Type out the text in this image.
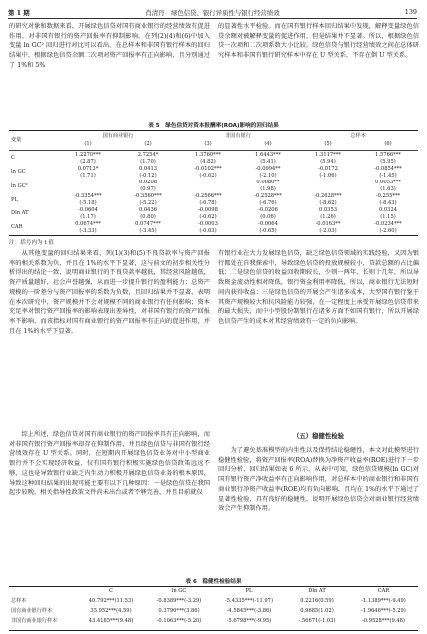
第 1 期	肖清丹　绿色信贷、银行异质性与银行经营绩效	139

的研究对象和数据来看，开展绿色信贷对国有商业银行的经营绩效有促进作用，对非国有银行的资产回报率有抑制影响。在列(2)(4)和(6)中加入变量 ln GC² 回归进行对比可以看出，在总样本和非国有银行样本的回归结果中，根据绿色信贷余额二次项对资产回报率有正向影响，且分别通过了 1%和 5%

的显著性水平检验。而在国有银行样本回归结果中发现，解释变量绿色信贷余额对被解释变量的促进作用，但是结果并不显著。所以，根据绿色信贷一次项和二次项系数大小比较，绿色信贷与银行经营绩效之间在总体研究样本和非国有银行研究样本中存在 U 型关系，不存在倒 U 型关系。

表 5　绿色信贷对资本报酬率(ROA)影响的回归结果
变量	国有商业银行		非国有银行		总样本	
	(1)	(2)	(3)	(4)	(5)	(6)
C	1.2270***	2.7254*	1.3760***	1.6443***	1.3117***	1.5766***
	(2.87)	(1.70)	(4.82)	(5.41)	(5.94)	(5.95)
ln GC	0.0713*	0.0413	-0.0102***	-0.0994**	-0.0172	-0.0854***
	(1.71)	(-0.12)	(-0.62)	(-2.10)	(-1.06)	(-1.45)
ln GC²		0.0208		0.0080**		0.0053***
		(0.97)		(1.98)		(1.63)
PL	-0.3354***	-0.3560***	-0.2566***	-0.2528***	-0.2628***	-0.255***
	(-5.18)	(-5.22)	(-6.78)	(-6.76)	(-8.62)	(-8.43)
Dln AT	-0.0604	0.0436	-0.0098	-0.0206	0.0353	0.0324
	(1.17)	(0.80)	(-0.62)	(0.06)	(1.26)	(1.15)
CAR	0.0674***	0.0747***	-0.0003	-0.0064	-0.0163**	-0.0234***
	(-3.33)	(-3.45)	(-0.03)	(-0.65)	(-2.03)	(-2.60)
注：括号内为 t 值

从其他变量的回归结果来看，列(1)(3)和(5)不良贷款率与资产回报率的相关系数为负，并且在 1%的水平下显著，这与前文的初步相关性分析得出的结论一致，说明商业银行的不良贷款率越低，其经营风险越低，资产质量越好，社会声誉越强，从而进一步提升银行的盈利能力；总资产规模的一阶差分与资产回报率的系数为负数，且回归结果并不显著，表明在本次研究中，资产规模并不会对规模不同的商业银行有任何影响；资本充足率对银行资产回报率的影响表现出差异性，对非国有银行的资产回报率不影响，而该指标对国有商业银行的资产回报率有正向的促进作用，并且在 1%的水平下显著。

综上所述，绿色信贷对国有商业银行的资产回报率具有正向影响，而对非国有银行资产回报率却存在抑制作用，并且绿色信贷与非国有银行经营绩效存在 U 型关系。同时，在短期内开展绿色信贷业务对中小型商业银行并不会实现经济收益，仅有国有银行积极实施绿色信贷政策远远不够，这也是导致银行业缺乏内生动力积极开展绿色信贷业务的根本原因，导致这种回归结果的出现可能主要有以下几种原因：一是绿色信贷在我国起步较晚，相关指导性政策文件尚未出台或者不够完善，并且目前就仅

有银行业在大力发展绿色信贷，缺乏绿色信贷领域的实践经验，又因为银行都处在自我探索中，导致绿色信贷的投放规模较小，贷款总额的占比偏低；二是绿色信贷的收益回收期较长，少则一两年，长则十几年，所以导致资金流动性相对降低，银行资金利用率降低，所以，商业银行无法短时间内获得收益；三是绿色信贷的开展会产生诸多成本，大型国有银行鉴于其资产规模较大和抗风险能力较强，在一定程度上承受开展绿色信贷带来的最大损失，而中小型股份制银行在诸多方面不如国有银行，所以开展绿色信贷产生的成本对其经营绩效有一定的负向影响。

（五）稳健性检验

为了避免基准模型的内生性以及保持结论稳健性，本文对此模型进行稳健性检验，将资产回报率(ROA)替换为净资产收益率(ROE)进行下一步回归分析，回归结果如表 6 所示。从表中可知，绿色信贷规模(ln GC)对国有银行资产净收益率有正向影响作用，对总样本中的商业银行和非国有商业银行净资产收益率(ROE)均有负向影响，且均在 1%的水平下通过了显著性检验，具有良好的稳健性，说明开展绿色信贷会对商业银行经营绩效会产生抑制作用。

表 6　稳健性检验结果
	C	ln GC	PL	Dln AT	CAR
总样本	40.792***(11.53)	-0.8389***(-3.29)	-5.4335***(-11.97)	0.2216(0.59)	-1.1389***(-9.49)
国有商业银行样本	35.952***(4.59)	0.3796***(3.86)	-4.5845***(-3.86)	0.9685(1.02)	-1.9646***(-5.29)
非国有商业银行样本	43.4185***(9.48)	-0.1063***(-5.20)	-5.6798***(-9.95)	-.56671(-1.03)	-0.9528***(9.48)
